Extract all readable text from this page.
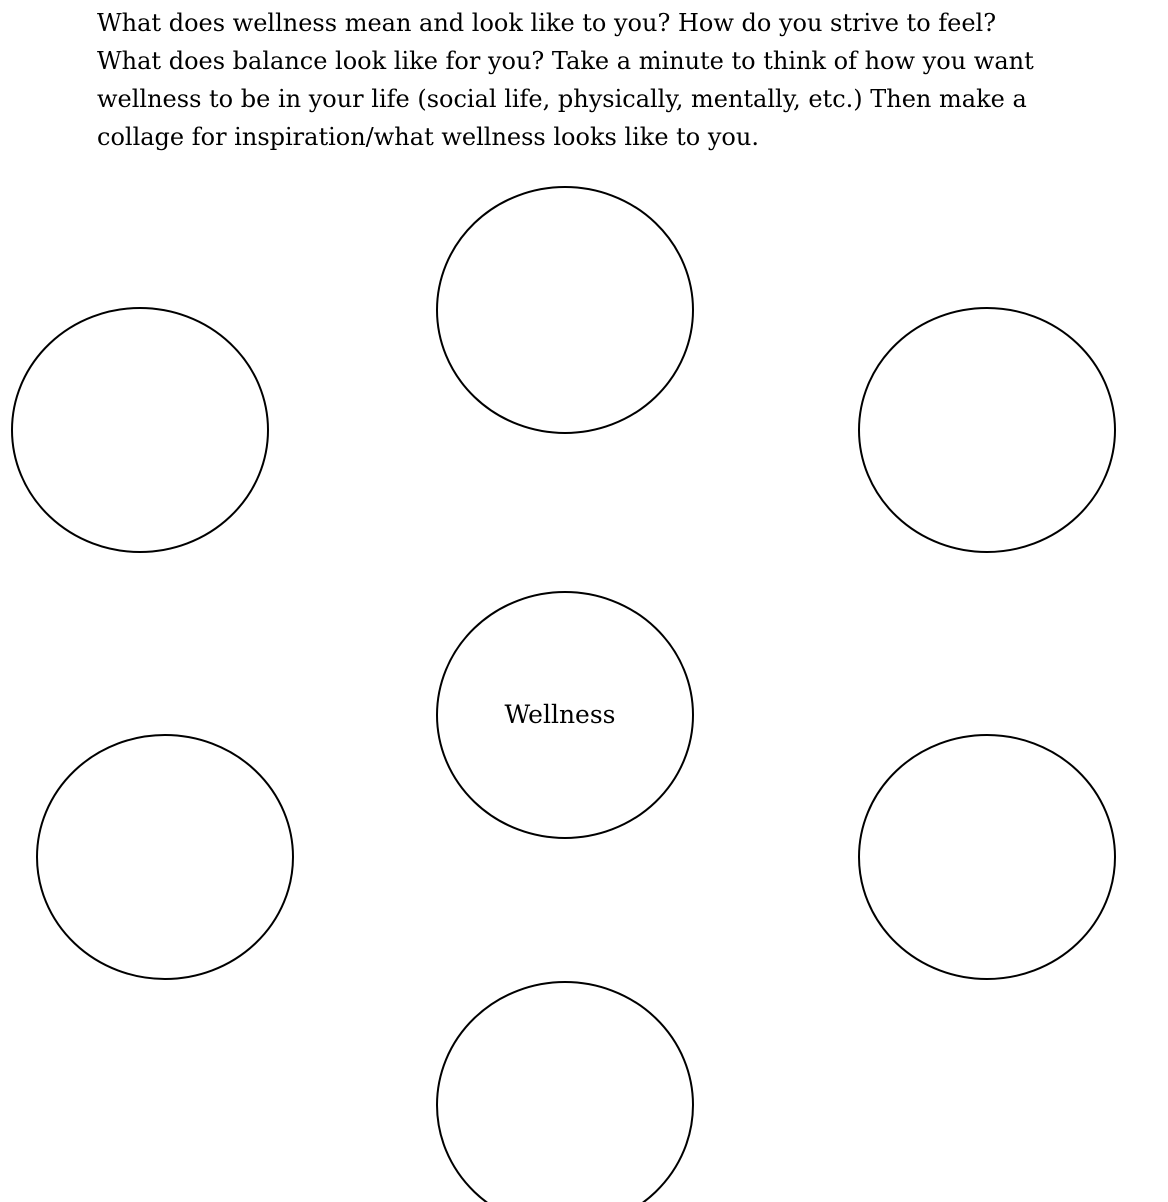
Wellness

What does wellness mean and look like to you? How do you strive to feel? What does balance look like for you? Take a minute to think of how you want wellness to be in your life (social life, physically, mentally, etc.) Then make a collage for inspiration/what wellness looks like to you.
